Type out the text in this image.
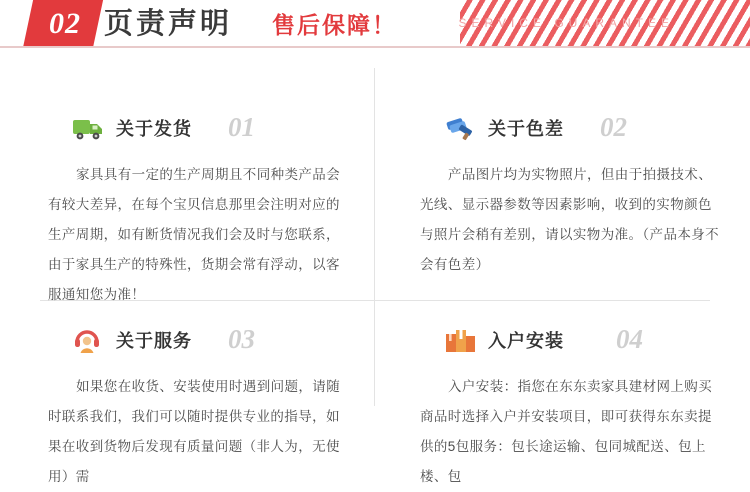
02 页责声明 售后保障！	SERVICE GUARANTEE
关于发货 01
家具具有一定的生产周期且不同种类产品会有较大差异，在每个宝贝信息那里会注明对应的生产周期，如有断货情况我们会及时与您联系，由于家具生产的特殊性，货期会常有浮动，以客服通知您为准！
关于色差 02
产品图片均为实物照片，但由于拍摄技术、光线、显示器参数等因素影响，收到的实物颜色与照片会稍有差别，请以实物为准。（产品本身不会有色差）
关于服务 03
如果您在收货、安装使用时遇到问题，请随时联系我们，我们可以随时提供专业的指导，如果在收到货物后发现有质量问题（非人为，无使用）需
入户安装 04
入户安装：指您在东东卖家具建材网上购买商品时选择入户并安装项目，即可获得东东卖提供的5包服务：包长途运输、包同城配送、包上楼、包
